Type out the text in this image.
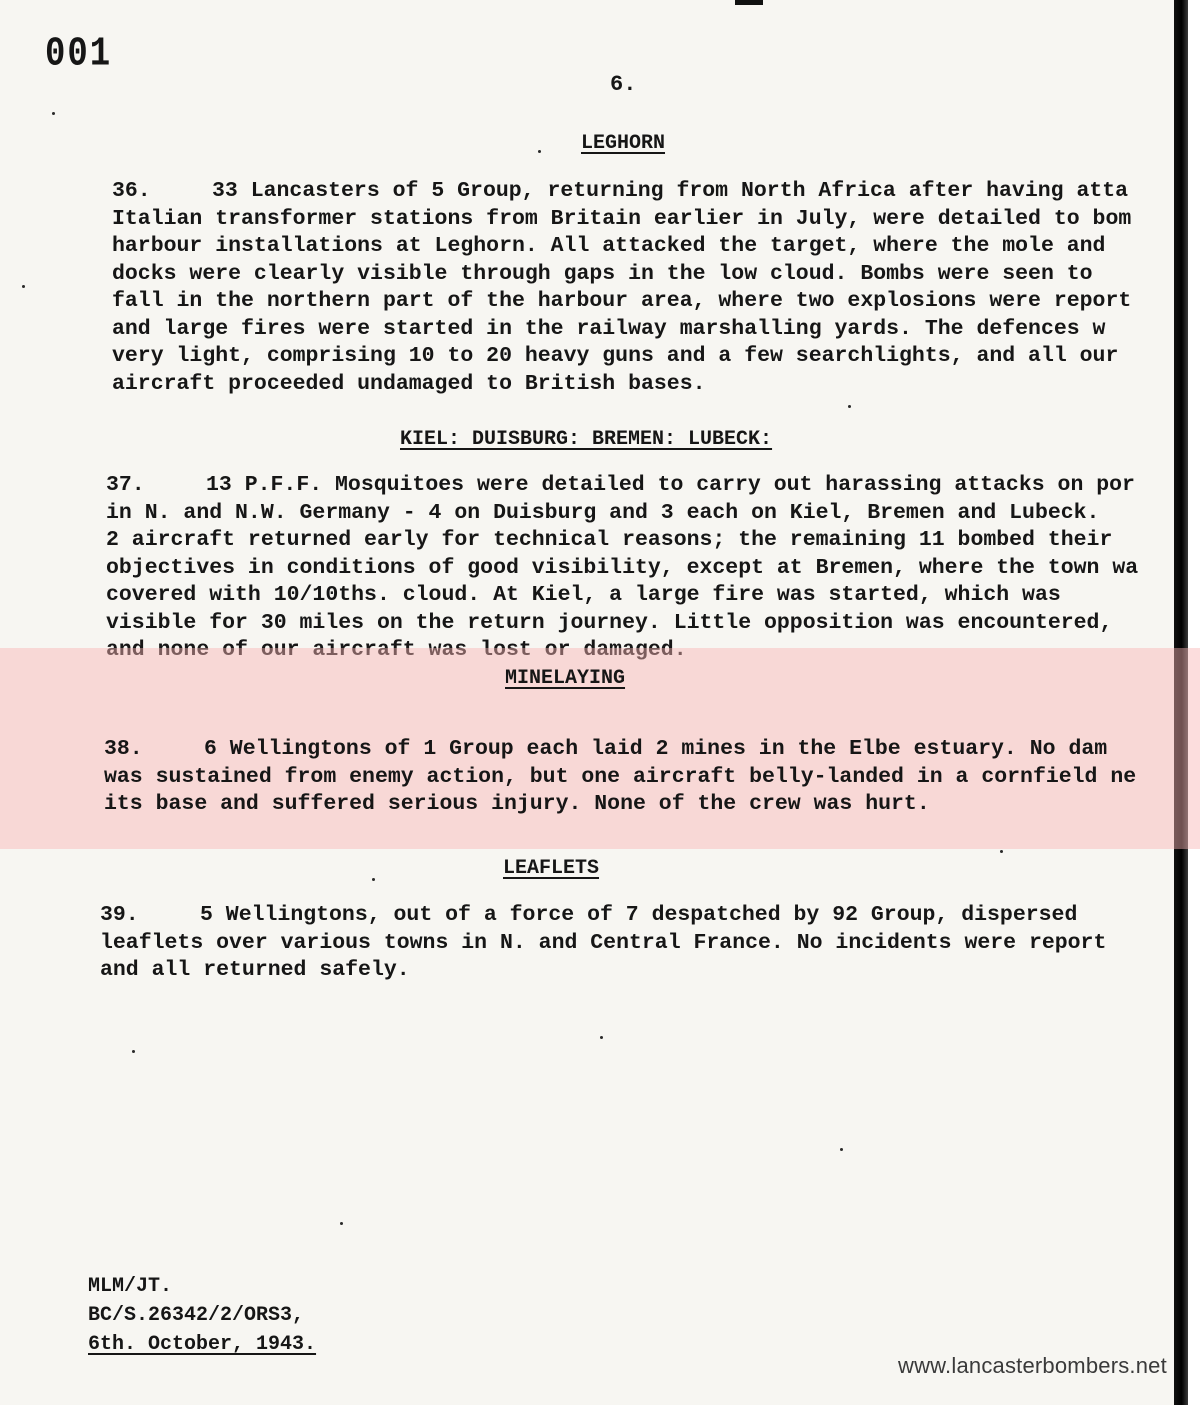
001
6.
LEGHORN
36.	33 Lancasters of 5 Group, returning from North Africa after having atta
Italian transformer stations from Britain earlier in July, were detailed to bom
harbour installations at Leghorn. All attacked the target, where the mole and
docks were clearly visible through gaps in the low cloud. Bombs were seen to
fall in the northern part of the harbour area, where two explosions were report
and large fires were started in the railway marshalling yards. The defences w
very light, comprising 10 to 20 heavy guns and a few searchlights, and all our
aircraft proceeded undamaged to British bases.
KIEL: DUISBURG: BREMEN: LUBECK:
37.	13 P.F.F. Mosquitoes were detailed to carry out harassing attacks on por
in N. and N.W. Germany - 4 on Duisburg and 3 each on Kiel, Bremen and Lubeck.
2 aircraft returned early for technical reasons; the remaining 11 bombed their
objectives in conditions of good visibility, except at Bremen, where the town wa
covered with 10/10ths. cloud. At Kiel, a large fire was started, which was
visible for 30 miles on the return journey. Little opposition was encountered,
and none of our aircraft was lost or damaged.
MINELAYING
38.	6 Wellingtons of 1 Group each laid 2 mines in the Elbe estuary. No dam
was sustained from enemy action, but one aircraft belly-landed in a cornfield ne
its base and suffered serious injury. None of the crew was hurt.
LEAFLETS
39.	5 Wellingtons, out of a force of 7 despatched by 92 Group, dispersed
leaflets over various towns in N. and Central France. No incidents were report
and all returned safely.
MLM/JT.
BC/S.26342/2/ORS3,
6th. October, 1943.
www.lancasterbombers.net
